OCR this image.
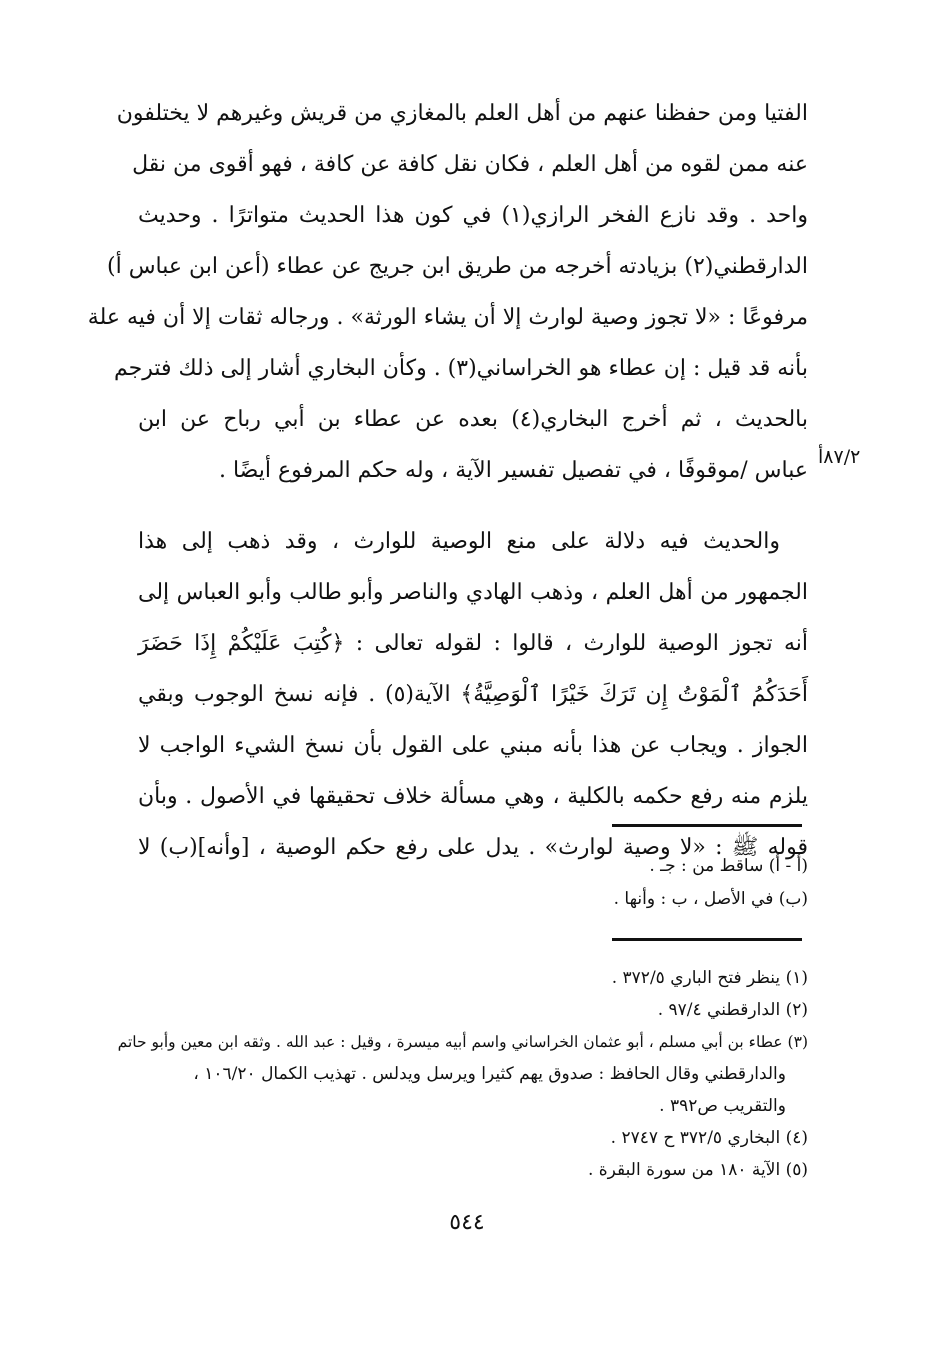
الفتيا ومن حفظنا عنهم من أهل العلم بالمغازي من قريش وغيرهم لا يختلفون
عنه ممن لقوه من أهل العلم ، فكان نقل كافة عن كافة ، فهو أقوى من نقل
واحد . وقد نازع الفخر الرازي(١) في كون هذا الحديث متواترًا . وحديث
الدارقطني(٢) بزيادته أخرجه من طريق ابن جريج عن عطاء (أعن ابن عباس أ)
مرفوعًا : «لا تجوز وصية لوارث إلا أن يشاء الورثة» . ورجاله ثقات إلا أن فيه علة
بأنه قد قيل : إن عطاء هو الخراساني(٣) . وكأن البخاري أشار إلى ذلك فترجم
بالحديث ، ثم أخرج البخاري(٤) بعده عن عطاء بن أبي رباح عن ابن
عباس /موقوفًا ، في تفصيل تفسير الآية ، وله حكم المرفوع أيضًا .
والحديث فيه دلالة على منع الوصية للوارث ، وقد ذهب إلى هذا
الجمهور من أهل العلم ، وذهب الهادي والناصر وأبو طالب وأبو العباس إلى
أنه تجوز الوصية للوارث ، قالوا : لقوله تعالى : ﴿كُتِبَ عَلَيْكُمْ إِذَا حَضَرَ
أَحَدَكُمُ ٱلْمَوْتُ إِن تَرَكَ خَيْرًا ٱلْوَصِيَّةُ﴾ الآية(٥) . فإنه نسخ الوجوب وبقي
الجواز . ويجاب عن هذا بأنه مبني على القول بأن نسخ الشيء الواجب لا
يلزم منه رفع حكمه بالكلية ، وهي مسألة خلاف تحقيقها في الأصول . وبأن
قوله ﷺ : «لا وصية لوارث» . يدل على رفع حكم الوصية ، [وأنه](ب) لا
٨٧/٢أ
(أ - أ) ساقط من : جـ .
(ب) في الأصل ، ب : وأنها .
(١) ينظر فتح الباري ٣٧٢/٥ .
(٢) الدارقطني ٩٧/٤ .
(٣) عطاء بن أبي مسلم ، أبو عثمان الخراساني واسم أبيه ميسرة ، وقيل : عبد الله . وثقه ابن معين وأبو حاتم
والدارقطني وقال الحافظ : صدوق يهم كثيرا ويرسل ويدلس . تهذيب الكمال ١٠٦/٢٠ ،
والتقريب ص٣٩٢ .
(٤) البخاري ٣٧٢/٥ ح ٢٧٤٧ .
(٥) الآية ١٨٠ من سورة البقرة .
٥٤٤
